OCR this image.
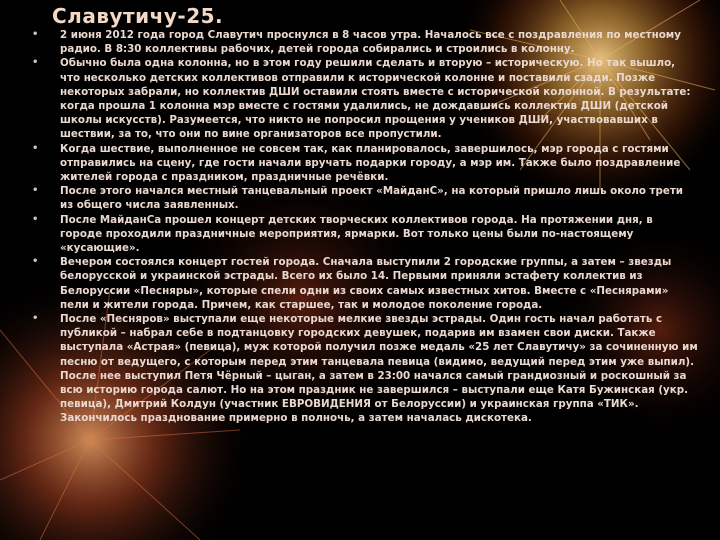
Славутичу-25.
• 2 июня 2012 года город Славутич проснулся в 8 часов утра. Началось все с поздравления по местному радио. В 8:30 коллективы рабочих, детей города собирались и строились в колонну.
• Обычно была одна колонна, но в этом году решили сделать и вторую – историческую. Но так вышло, что несколько детских коллективов отправили к исторической колонне и поставили сзади. Позже некоторых забрали, но коллектив ДШИ оставили стоять вместе с исторической колонной. В результате: когда прошла 1 колонна мэр вместе с гостями удалились, не дождавшись коллектив ДШИ (детской школы искусств). Разумеется, что никто не попросил прощения у учеников ДШИ, участвовавших в шествии, за то, что они по вине организаторов все пропустили.
• Когда шествие, выполненное не совсем так, как планировалось, завершилось, мэр города с гостями отправились на сцену, где гости начали вручать подарки городу, а мэр им. Также было поздравление жителей города с праздником, праздничные речёвки.
• После этого начался местный танцевальный проект «МайданС», на который пришло лишь около трети из общего числа заявленных.
• После МайданСа прошел концерт детских творческих коллективов города. На протяжении дня, в городе проходили праздничные мероприятия, ярмарки. Вот только цены были по-настоящему «кусающие».
• Вечером состоялся концерт гостей города. Сначала выступили 2 городские группы, а затем – звезды белорусской и украинской эстрады. Всего их было 14. Первыми приняли эстафету коллектив из Белоруссии «Песняры», которые спели одни из своих самых известных хитов. Вместе с «Песнярами» пели и жители города. Причем, как старшее, так и молодое поколение города.
• После «Песняров» выступали еще некоторые мелкие звезды эстрады. Один гость начал работать с публикой – набрал себе в подтанцовку городских девушек, подарив им взамен свои диски. Также выступала «Астрая» (певица), муж которой получил позже медаль «25 лет Славутичу» за сочиненную им песню от ведущего, с которым перед этим танцевала певица (видимо, ведущий перед этим уже выпил). После нее выступил Петя Чёрный – цыган, а затем в 23:00 начался самый грандиозный и роскошный за всю историю города салют. Но на этом праздник не завершился – выступали еще Катя Бужинская (укр. певица), Дмитрий Колдун (участник ЕВРОВИДЕНИЯ от Белоруссии) и украинская группа «ТИК». Закончилось празднование примерно в полночь, а затем началась дискотека.
